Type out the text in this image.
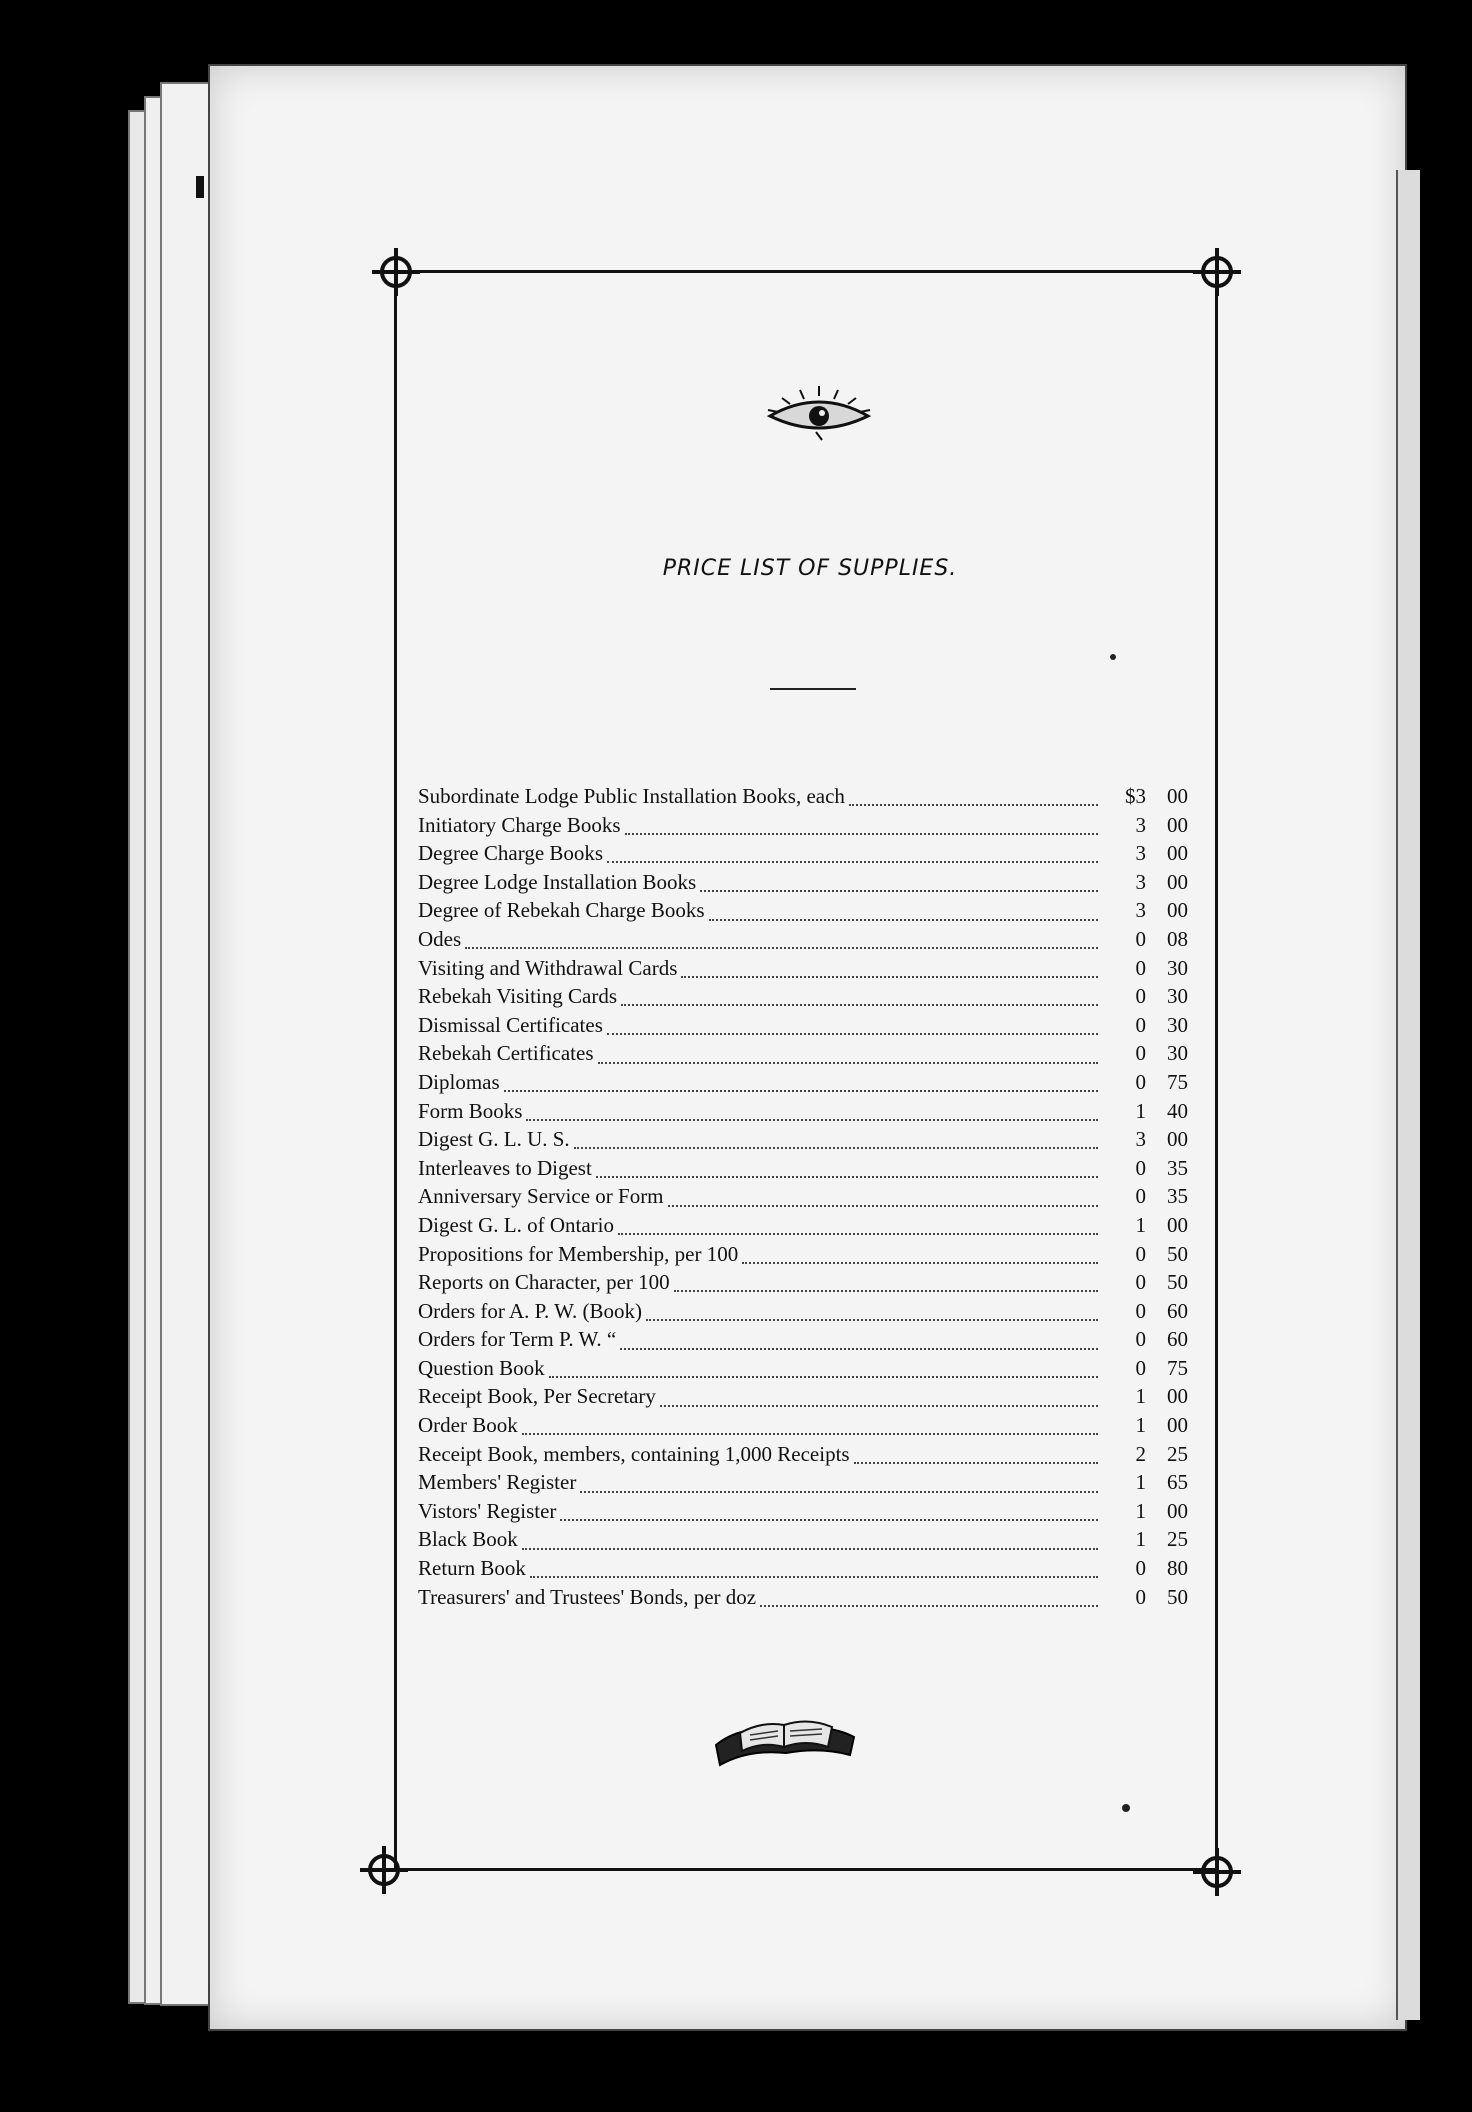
PRICE LIST OF SUPPLIES.
Subordinate Lodge Public Installation Books, each	$3	00
Initiatory Charge Books	3	00
Degree Charge Books	3	00
Degree Lodge Installation Books	3	00
Degree of Rebekah Charge Books	3	00
Odes	0	08
Visiting and Withdrawal Cards	0	30
Rebekah Visiting Cards	0	30
Dismissal Certificates	0	30
Rebekah Certificates	0	30
Diplomas	0	75
Form Books	1	40
Digest G. L. U. S.	3	00
Interleaves to Digest	0	35
Anniversary Service or Form	0	35
Digest G. L. of Ontario	1	00
Propositions for Membership, per 100	0	50
Reports on Character, per 100	0	50
Orders for A. P. W. (Book)	0	60
Orders for Term P. W. “	0	60
Question Book	0	75
Receipt Book, Per Secretary	1	00
Order Book	1	00
Receipt Book, members, containing 1,000 Receipts	2	25
Members' Register	1	65
Vistors' Register	1	00
Black Book	1	25
Return Book	0	80
Treasurers' and Trustees' Bonds, per doz	0	50
